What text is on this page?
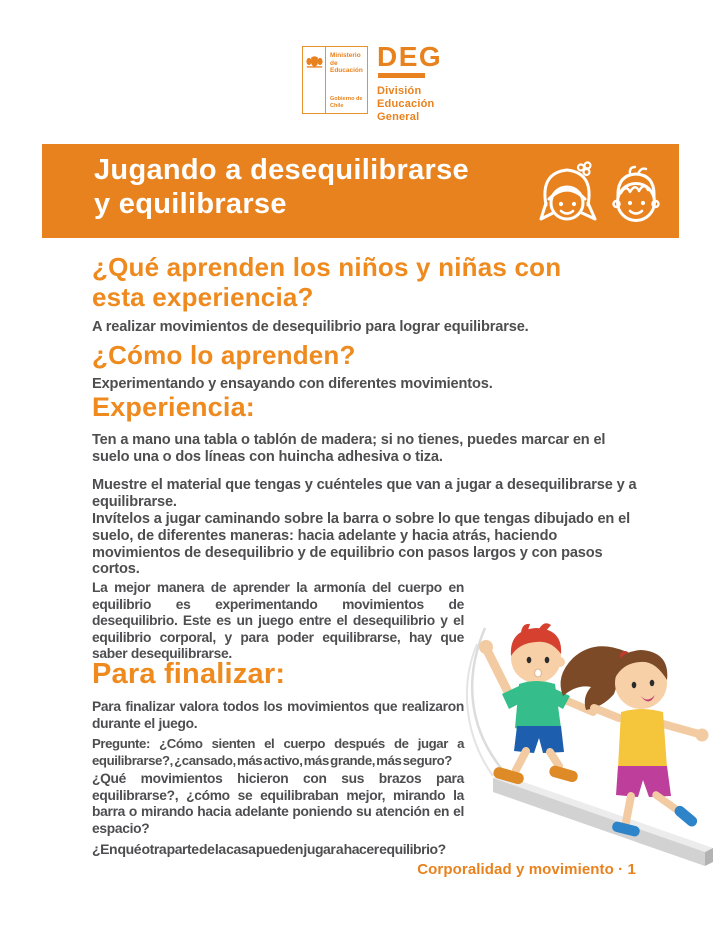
Ministerio de
Educación
Gobierno de Chile
DEG
División
Educación
General
Jugando a desequilibrarse
y equilibrarse
¿Qué aprenden los niños y niñas con
esta experiencia?
A realizar movimientos de desequilibrio para lograr equilibrarse.
¿Cómo lo aprenden?
Experimentando y ensayando con diferentes movimientos.
Experiencia:
Ten a mano una tabla o tablón de madera; si no tienes, puedes marcar en el suelo una o dos líneas con huincha adhesiva o tiza.
Muestre el material que tengas y cuénteles que van a jugar a desequilibrarse y a equilibrarse.
Invítelos a jugar caminando sobre la barra o sobre lo que tengas dibujado en el suelo, de diferentes maneras: hacia adelante y hacia atrás, haciendo movimientos de desequilibrio y de equilibrio con pasos largos y con pasos cortos.
La mejor manera de aprender la armonía del cuerpo en equilibrio es experimentando movimientos de desequilibrio. Este es un juego entre el desequilibrio y el equilibrio corporal, y para poder equilibrarse, hay que saber desequilibrarse.
Para finalizar:
Para finalizar valora todos los movimientos que realizaron durante el juego.
Pregunte: ¿Cómo sienten el cuerpo después de jugar a equilibrarse?, ¿cansado, más activo, más grande, más seguro?
¿Qué movimientos hicieron con sus brazos para equilibrarse?, ¿cómo se equilibraban mejor, mirando la barra o mirando hacia adelante poniendo su atención en el espacio?
¿En qué otra parte de la casa pueden jugar a hacer equilibrio?
Corporalidad y movimiento · 1
